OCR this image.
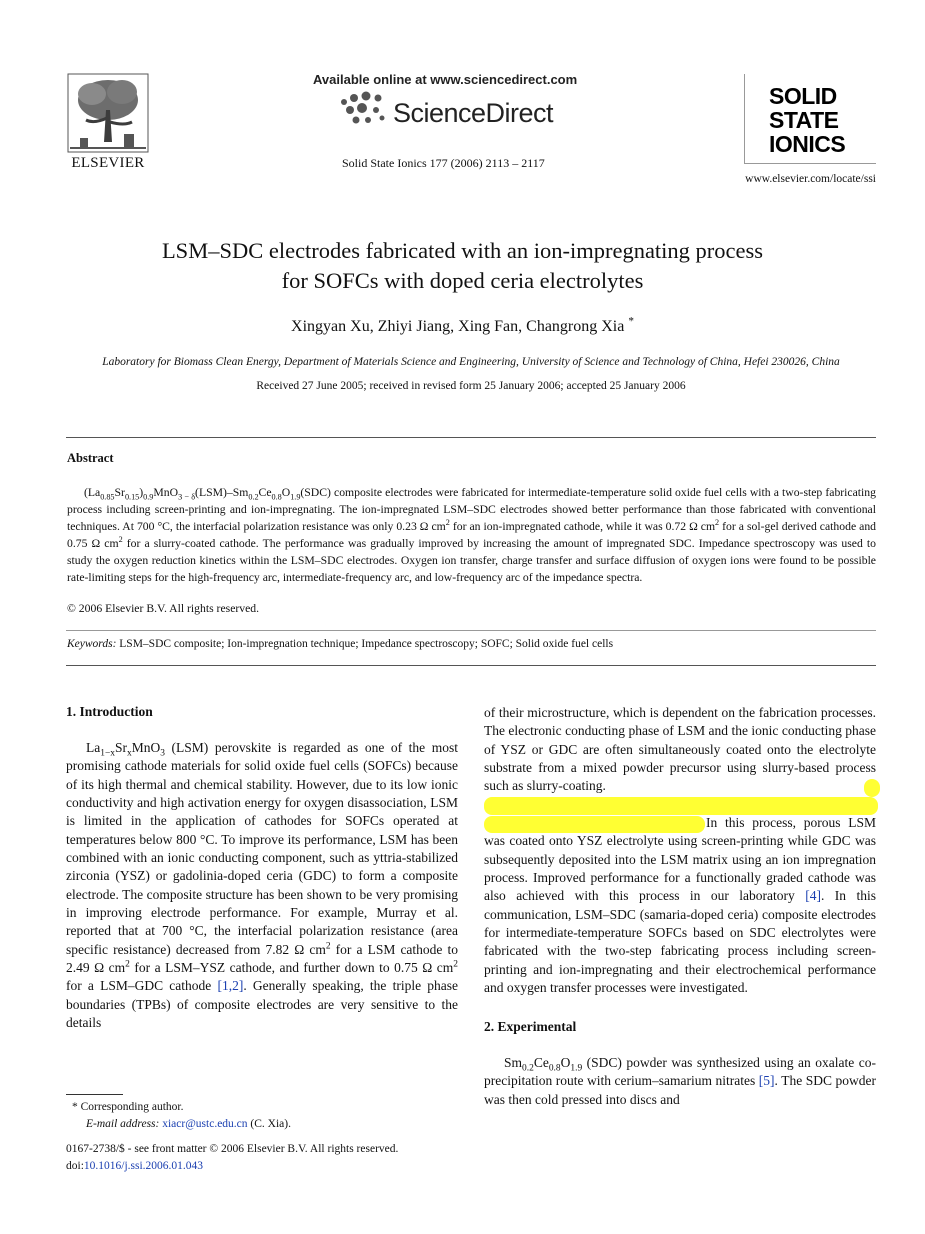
ELSEVIER
Available online at www.sciencedirect.com
ScienceDirect
Solid State Ionics 177 (2006) 2113 – 2117
SOLID
STATE
IONICS
www.elsevier.com/locate/ssi
LSM–SDC electrodes fabricated with an ion-impregnating process
for SOFCs with doped ceria electrolytes
Xingyan Xu, Zhiyi Jiang, Xing Fan, Changrong Xia *
Laboratory for Biomass Clean Energy, Department of Materials Science and Engineering, University of Science and Technology of China, Hefei 230026, China
Received 27 June 2005; received in revised form 25 January 2006; accepted 25 January 2006
Abstract

$(La_{0.85}Sr_{0.15})_{0.9}MnO_{3 - \delta}(LSM)-Sm_{0.2}Ce_{0.8}O_{1.9}(SDC)$ composite electrodes were fabricated for intermediate-temperature solid oxide fuel cells with a two-step fabricating process including screen-printing and ion-impregnating. The ion-impregnated LSM–SDC electrodes showed better performance than those fabricated with conventional techniques. At 700 °C, the interfacial polarization resistance was only 0.23 Ω $cm^2$ for an ion-impregnated cathode, while it was 0.72 Ω $cm^2$ for a sol-gel derived cathode and 0.75 Ω $cm^2$ for a slurry-coated cathode. The performance was gradually improved by increasing the amount of impregnated SDC. Impedance spectroscopy was used to study the oxygen reduction kinetics within the LSM–SDC electrodes. Oxygen ion transfer, charge transfer and surface diffusion of oxygen ions were found to be possible rate-limiting steps for the high-frequency arc, intermediate-frequency arc, and low-frequency arc of the impedance spectra.

© 2006 Elsevier B.V. All rights reserved.
Keywords: LSM–SDC composite; Ion-impregnation technique; Impedance spectroscopy; SOFC; Solid oxide fuel cells
1. Introduction

$La_{1-x}Sr_xMnO_3$ (LSM) perovskite is regarded as one of the most promising cathode materials for solid oxide fuel cells (SOFCs) because of its high thermal and chemical stability. However, due to its low ionic conductivity and high activation energy for oxygen disassociation, LSM is limited in the application of cathodes for SOFCs operated at temperatures below 800 °C. To improve its performance, LSM has been combined with an ionic conducting component, such as yttria-stabilized zirconia (YSZ) or gadolinia-doped ceria (GDC) to form a composite electrode. The composite structure has been shown to be very promising in improving electrode performance. For example, Murray et al. reported that at 700 °C, the interfacial polarization resistance (area specific resistance) decreased from 7.82 Ω $cm^2$ for a LSM cathode to 2.49 Ω $cm^2$ for a LSM–YSZ cathode, and further down to 0.75 Ω $cm^2$ for a LSM–GDC cathode [1,2]. Generally speaking, the triple phase boundaries (TPBs) of composite electrodes are very sensitive to the details

of their microstructure, which is dependent on the fabrication processes. The electronic conducting phase of LSM and the ionic conducting phase of YSZ or GDC are often simultaneously coated onto the electrolyte substrate from a mixed powder precursor using slurry-based process such as slurry-coating.

In this process, porous LSM was coated onto YSZ electrolyte using screen-printing while GDC was subsequently deposited into the LSM matrix using an ion impregnation process. Improved performance for a functionally graded cathode was also achieved with this process in our laboratory [4]. In this communication, LSM–SDC (samaria-doped ceria) composite electrodes for intermediate-temperature SOFCs based on SDC electrolytes were fabricated with the two-step fabricating process including screen-printing and ion-impregnating and their electrochemical performance and oxygen transfer processes were investigated.

2. Experimental

$Sm_{0.2}Ce_{0.8}O_{1.9}$ (SDC) powder was synthesized using an oxalate co-precipitation route with cerium–samarium nitrates [5]. The SDC powder was then cold pressed into discs and

* Corresponding author.
E-mail address: xiacr@ustc.edu.cn (C. Xia).
0167-2738/$ - see front matter © 2006 Elsevier B.V. All rights reserved.
doi:10.1016/j.ssi.2006.01.043
